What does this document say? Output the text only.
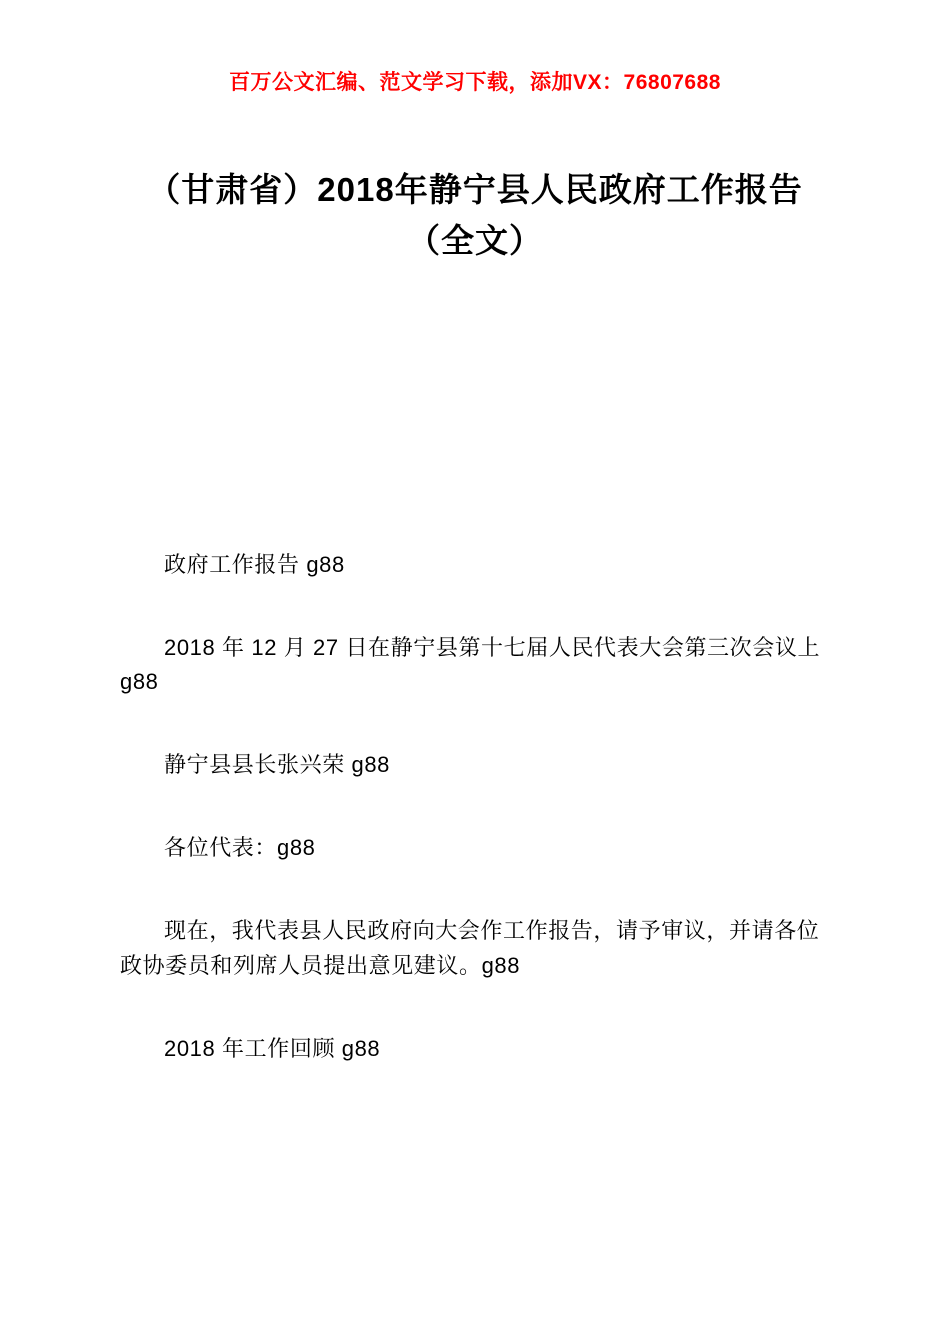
百万公文汇编、范文学习下载，添加VX：76807688
（甘肃省）2018年静宁县人民政府工作报告（全文）

政府工作报告 g88

2018 年 12 月 27 日在静宁县第十七届人民代表大会第三次会议上 g88

静宁县县长张兴荣 g88

各位代表：g88

现在，我代表县人民政府向大会作工作报告，请予审议，并请各位政协委员和列席人员提出意见建议。g88

2018 年工作回顾 g88
